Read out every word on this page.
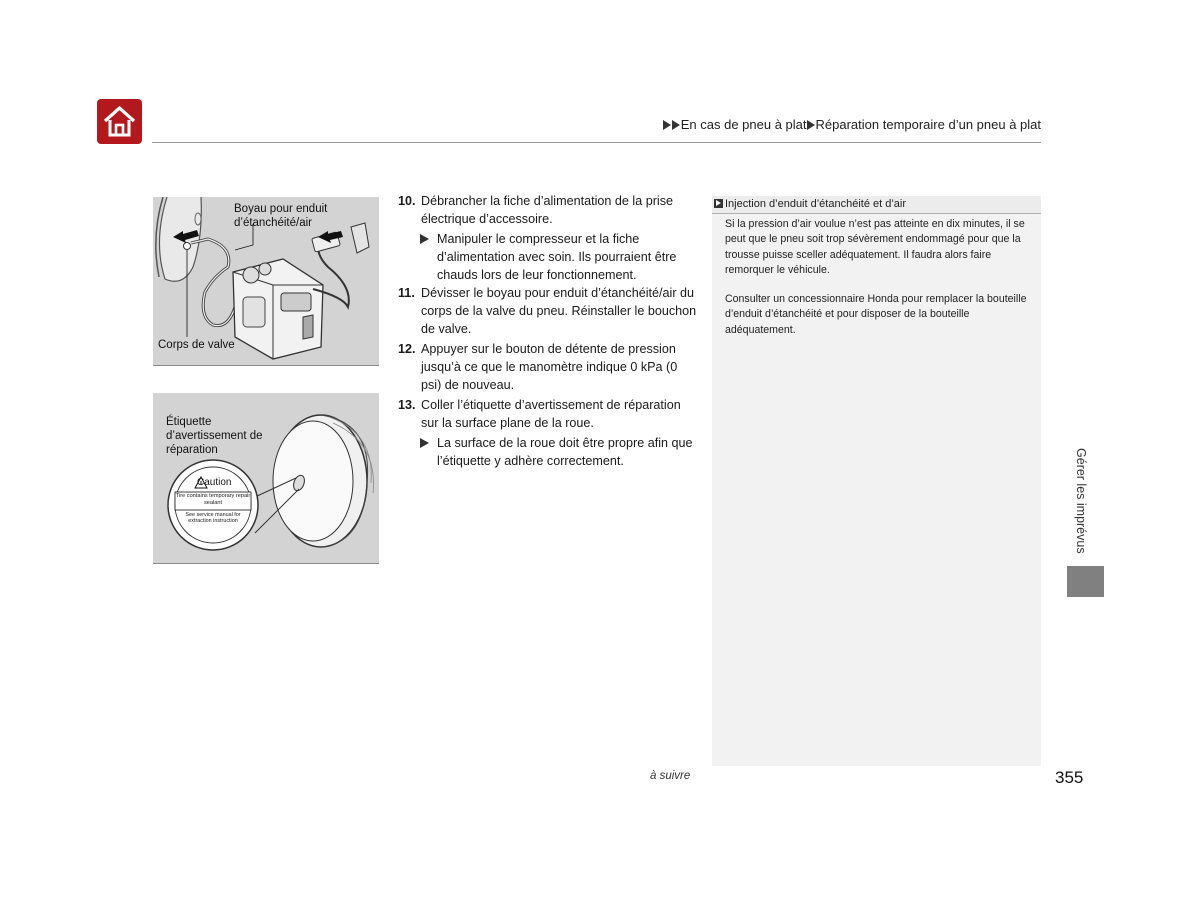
En cas de pneu à plat Réparation temporaire d’un pneu à plat
Boyau pour enduit d’étanchéité/air
Corps de valve
Étiquette d’avertissement de réparation
Caution
Tire contains temporary repair sealant
See service manual for extraction instruction
10. Débrancher la fiche d’alimentation de la prise électrique d’accessoire.
Manipuler le compresseur et la fiche d’alimentation avec soin. Ils pourraient être chauds lors de leur fonctionnement.
11. Dévisser le boyau pour enduit d’étanchéité/air du corps de la valve du pneu. Réinstaller le bouchon de valve.
12. Appuyer sur le bouton de détente de pression jusqu’à ce que le manomètre indique 0 kPa (0 psi) de nouveau.
13. Coller l’étiquette d’avertissement de réparation sur la surface plane de la roue.
La surface de la roue doit être propre afin que l’étiquette y adhère correctement.
Injection d’enduit d’étanchéité et d’air
Si la pression d’air voulue n’est pas atteinte en dix minutes, il se peut que le pneu soit trop sévèrement endommagé pour que la trousse puisse sceller adéquatement. Il faudra alors faire remorquer le véhicule.
Consulter un concessionnaire Honda pour remplacer la bouteille d’enduit d’étanchéité et pour disposer de la bouteille adéquatement.
Gérer les imprévus
à suivre	355
